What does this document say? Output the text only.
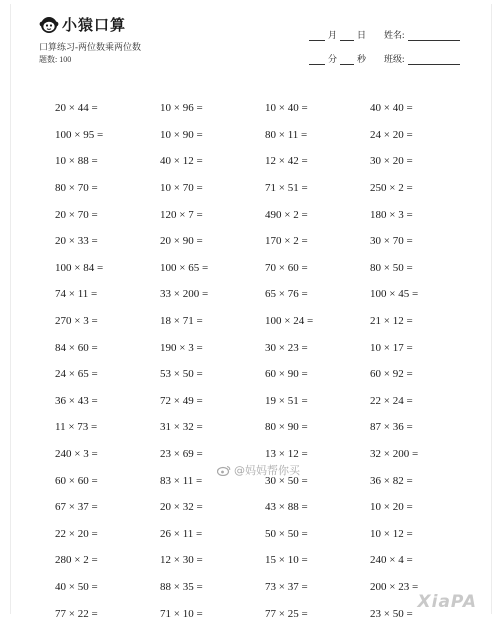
小猿口算
口算练习-两位数乘两位数
题数: 100
月 日 姓名:
分 秒 班级:
20 × 44 =	10 × 96 =	10 × 40 =	40 × 40 =
100 × 95 =	10 × 90 =	80 × 11 =	24 × 20 =
10 × 88 =	40 × 12 =	12 × 42 =	30 × 20 =
80 × 70 =	10 × 70 =	71 × 51 =	250 × 2 =
20 × 70 =	120 × 7 =	490 × 2 =	180 × 3 =
20 × 33 =	20 × 90 =	170 × 2 =	30 × 70 =
100 × 84 =	100 × 65 =	70 × 60 =	80 × 50 =
74 × 11 =	33 × 200 =	65 × 76 =	100 × 45 =
270 × 3 =	18 × 71 =	100 × 24 =	21 × 12 =
84 × 60 =	190 × 3 =	30 × 23 =	10 × 17 =
24 × 65 =	53 × 50 =	60 × 90 =	60 × 92 =
36 × 43 =	72 × 49 =	19 × 51 =	22 × 24 =
11 × 73 =	31 × 32 =	80 × 90 =	87 × 36 =
240 × 3 =	23 × 69 =	13 × 12 =	32 × 200 =
60 × 60 =	83 × 11 =	30 × 50 =	36 × 82 =
67 × 37 =	20 × 32 =	43 × 88 =	10 × 20 =
22 × 20 =	26 × 11 =	50 × 50 =	10 × 12 =
280 × 2 =	12 × 30 =	15 × 10 =	240 × 4 =
40 × 50 =	88 × 35 =	73 × 37 =	200 × 23 =
77 × 22 =	71 × 10 =	77 × 25 =	23 × 50 =
@妈妈帮你买
XiaPA
